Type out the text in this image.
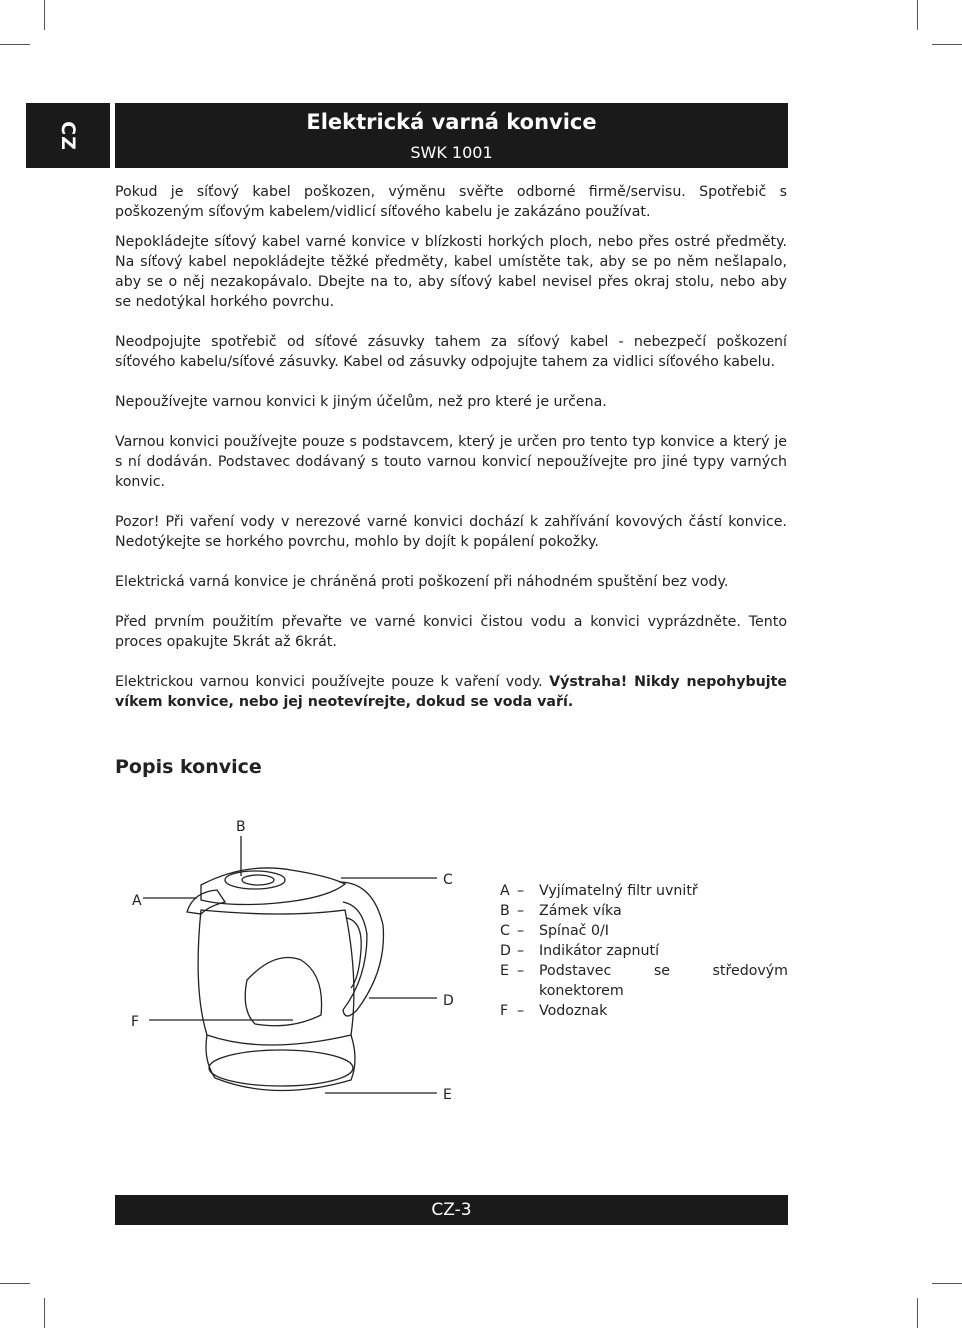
CZ	Elektrická varná konvice
SWK 1001

Pokud je síťový kabel poškozen, výměnu svěřte odborné firmě/servisu. Spotřebič s poškozeným síťovým kabelem/vidlicí síťového kabelu je zakázáno používat.

Nepokládejte síťový kabel varné konvice v blízkosti horkých ploch, nebo přes ostré předměty. Na síťový kabel nepokládejte těžké předměty, kabel umístěte tak, aby se po něm nešlapalo, aby se o něj nezakopávalo. Dbejte na to, aby síťový kabel nevisel přes okraj stolu, nebo aby se nedotýkal horkého povrchu.

Neodpojujte spotřebič od síťové zásuvky tahem za síťový kabel - nebezpečí poškození síťového kabelu/síťové zásuvky. Kabel od zásuvky odpojujte tahem za vidlici síťového kabelu.

Nepoužívejte varnou konvici k jiným účelům, než pro které je určena.

Varnou konvici používejte pouze s podstavcem, který je určen pro tento typ konvice a který je s ní dodáván. Podstavec dodávaný s touto varnou konvicí nepoužívejte pro jiné typy varných konvic.

Pozor! Při vaření vody v nerezové varné konvici dochází k zahřívání kovových částí konvice. Nedotýkejte se horkého povrchu, mohlo by dojít k popálení pokožky.

Elektrická varná konvice je chráněná proti poškození při náhodném spuštění bez vody.

Před prvním použitím převařte ve varné konvici čistou vodu a konvici vyprázdněte. Tento proces opakujte 5krát až 6krát.

Elektrickou varnou konvici používejte pouze k vaření vody. Výstraha! Nikdy nepohybujte víkem konvice, nebo jej neotevírejte, dokud se voda vaří.

Popis konvice
A
B
C
D
E
F
A –	Vyjímatelný filtr uvnitř
B –	Zámek víka
C –	Spínač 0/I
D –	Indikátor zapnutí
E –	Podstavec se středovým konektorem
F –	Vodoznak
CZ-3
